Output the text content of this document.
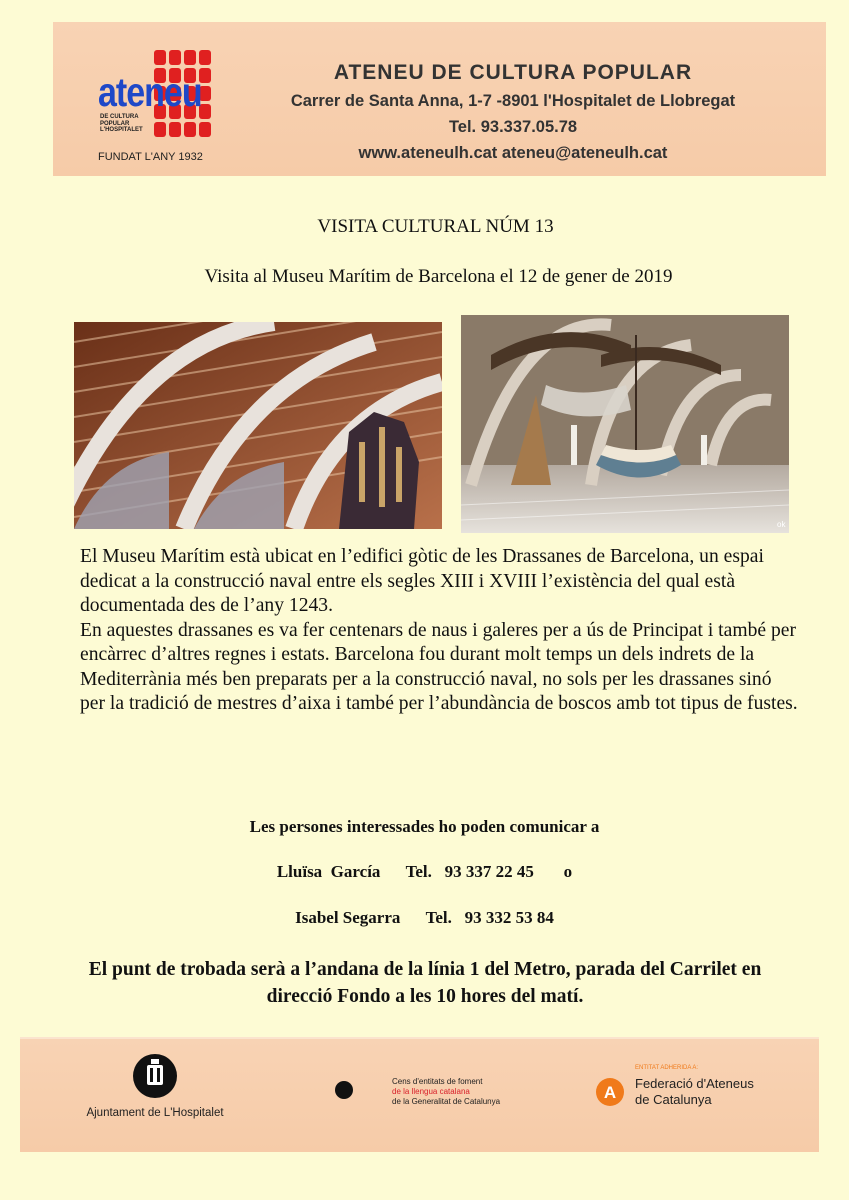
ateneu
DE CULTURA POPULAR L'HOSPITALET
FUNDAT L'ANY 1932
ATENEU DE CULTURA POPULAR
Carrer de Santa Anna, 1-7 -8901 l'Hospitalet de Llobregat
Tel. 93.337.05.78
www.ateneulh.cat ateneu@ateneulh.cat
VISITA CULTURAL NÚM 13
Visita al Museu Marítim de Barcelona el 12 de gener de 2019
ok

El Museu Marítim està ubicat en l’edifici gòtic de les Drassanes de Barcelona, un espai dedicat a la construcció naval entre els segles XIII i XVIII l’existència del qual està documentada des de l’any 1243.

En aquestes drassanes es va fer centenars de naus i galeres per a ús de Principat i també per encàrrec d’altres regnes i estats. Barcelona fou durant molt temps un dels indrets de la Mediterrània més ben preparats per a la construcció naval, no sols per les drassanes sinó per la tradició de mestres d’aixa i també per l’abundància de boscos amb tot tipus de fustes.

Les persones interessades ho poden comunicar a
Lluïsa  García      Tel.   93 337 22 45       o
Isabel Segarra      Tel.   93 332 53 84
El punt de trobada serà a l’andana de la línia 1 del Metro, parada del Carrilet en direcció Fondo a les 10 hores del matí.
Ajuntament de L'Hospitalet
Cens d'entitats de foment
de la llengua catalana
de la Generalitat de Catalunya	A
ENTITAT ADHERIDA A:
Federació d'Ateneus
de Catalunya
